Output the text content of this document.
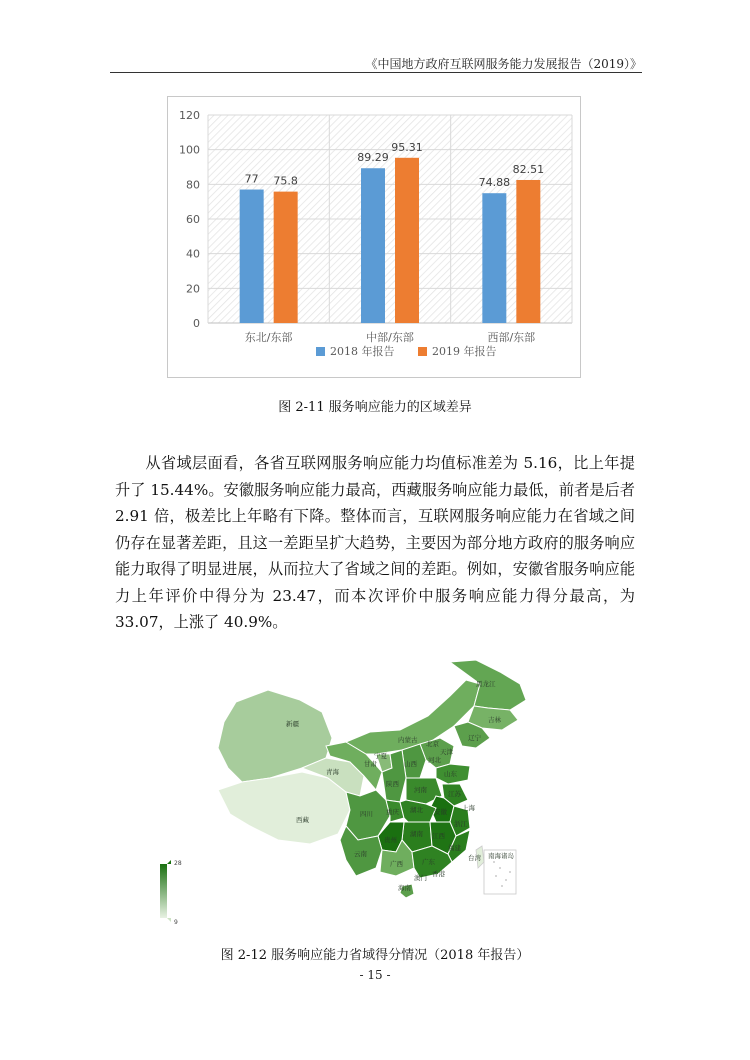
《中国地方政府互联网服务能力发展报告（2019）》
0
20
40
60
80
100
120
77 75.8
东北/东部
89.29
95.31
中部/东部
74.88
82.51
西部/东部
2018 年报告	2019 年报告
图 2-11 服务响应能力的区域差异

从省域层面看，各省互联网服务响应能力均值标准差为 5.16，比上年提升了 15.44%。安徽服务响应能力最高，西藏服务响应能力最低，前者是后者 2.91 倍，极差比上年略有下降。整体而言，互联网服务响应能力在省域之间仍存在显著差距，且这一差距呈扩大趋势，主要因为部分地方政府的服务响应能力取得了明显进展，从而拉大了省域之间的差距。例如，安徽省服务响应能力上年评价中得分为 23.47，而本次评价中服务响应能力得分最高，为 33.07，上涨了 40.9%。

新疆
西藏
青海
甘肃
内蒙古
黑龙江
吉林
辽宁
北京
天津
河北
山西
山东
宁夏
陕西
河南	江苏
上海
四川 重庆 湖北 安徽
浙江
湖南 江西
福建
贵州
云南
广西	广东	台湾
香港
澳门
海南
南海诸岛
28
9
图 2-12 服务响应能力省域得分情况（2018 年报告）
- 15 -
